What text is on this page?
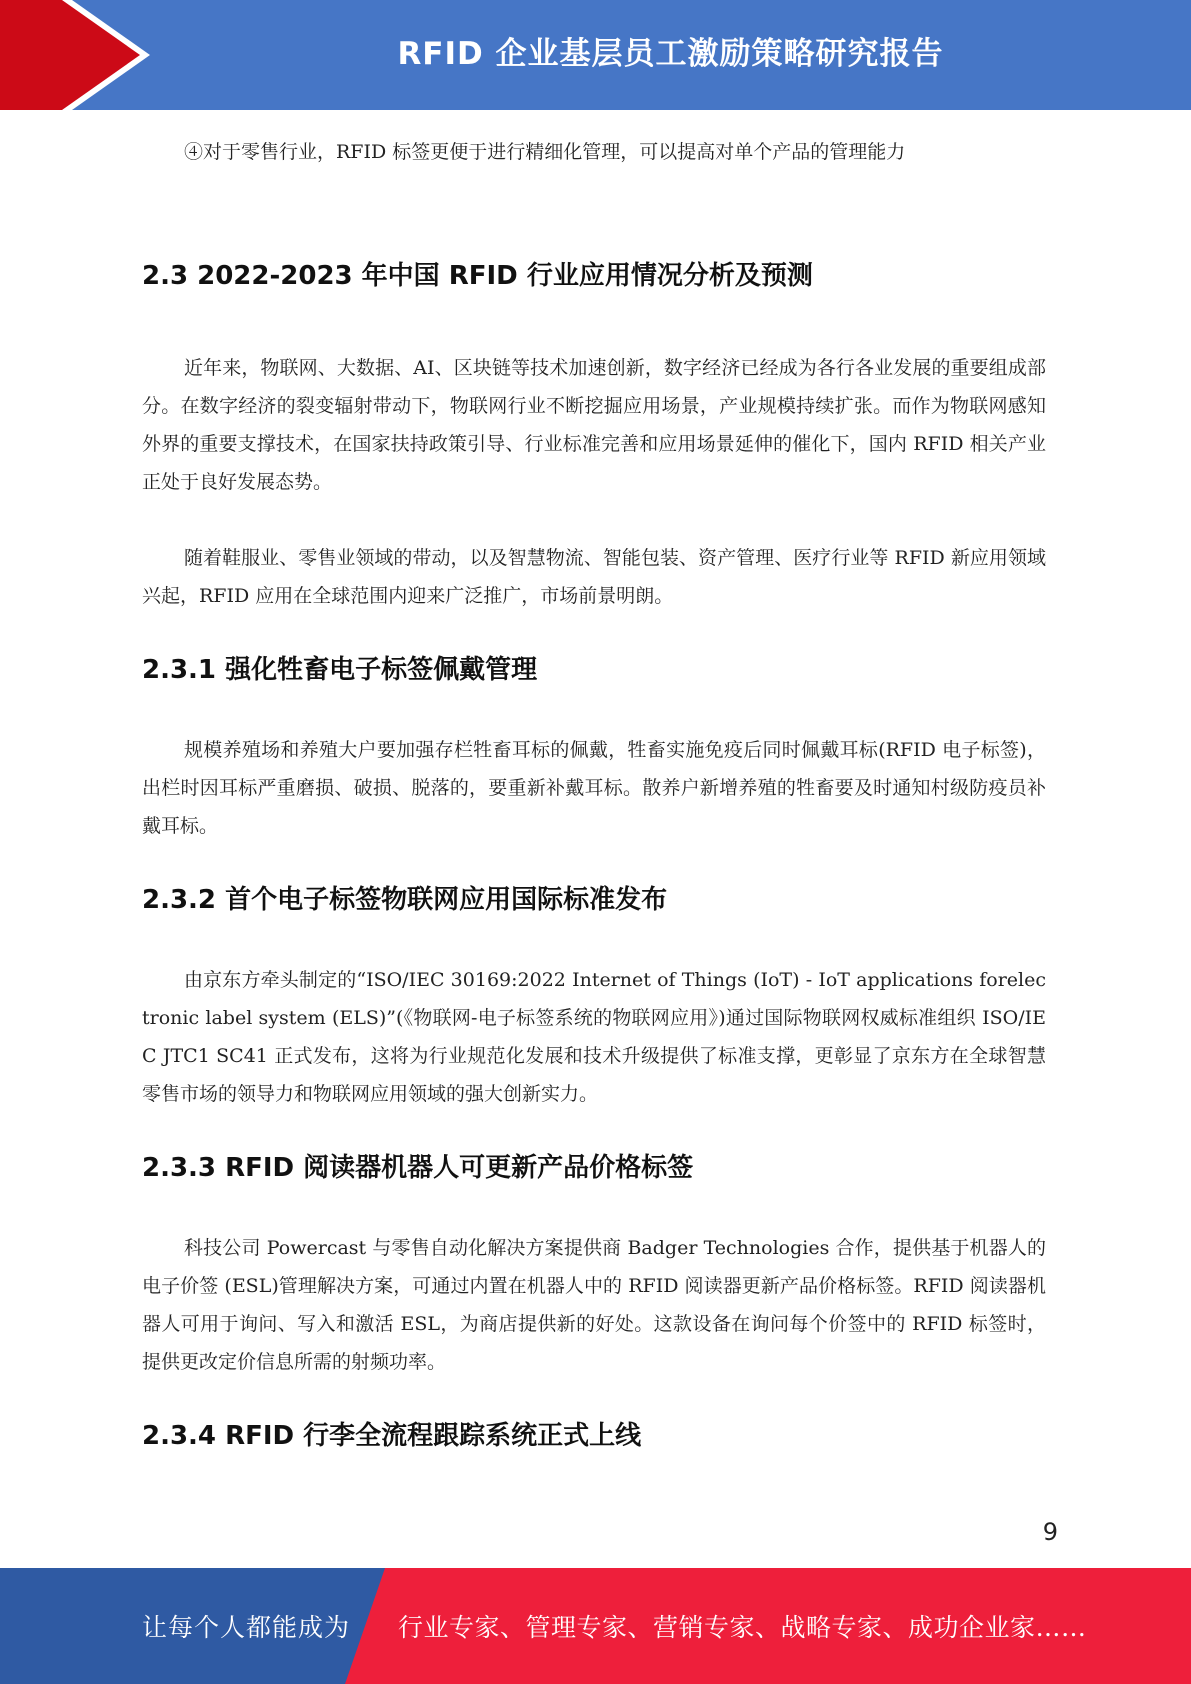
RFID 企业基层员工激励策略研究报告

④对于零售行业，RFID 标签更便于进行精细化管理，可以提高对单个产品的管理能力

2.3 2022-2023 年中国 RFID 行业应用情况分析及预测

近年来，物联网、大数据、AI、区块链等技术加速创新，数字经济已经成为各行各业发展的重要组成部分。在数字经济的裂变辐射带动下，物联网行业不断挖掘应用场景，产业规模持续扩张。而作为物联网感知外界的重要支撑技术，在国家扶持政策引导、行业标准完善和应用场景延伸的催化下，国内 RFID 相关产业正处于良好发展态势。

随着鞋服业、零售业领域的带动，以及智慧物流、智能包装、资产管理、医疗行业等 RFID 新应用领域兴起，RFID 应用在全球范围内迎来广泛推广，市场前景明朗。

2.3.1 强化牲畜电子标签佩戴管理

规模养殖场和养殖大户要加强存栏牲畜耳标的佩戴，牲畜实施免疫后同时佩戴耳标(RFID 电子标签)，出栏时因耳标严重磨损、破损、脱落的，要重新补戴耳标。散养户新增养殖的牲畜要及时通知村级防疫员补戴耳标。

2.3.2 首个电子标签物联网应用国际标准发布

由京东方牵头制定的“ISO/IEC 30169:2022 Internet of Things (IoT) - IoT applications forelectronic label system (ELS)”(《物联网-电子标签系统的物联网应用》)通过国际物联网权威标准组织 ISO/IEC JTC1 SC41 正式发布，这将为行业规范化发展和技术升级提供了标准支撑，更彰显了京东方在全球智慧零售市场的领导力和物联网应用领域的强大创新实力。

2.3.3 RFID 阅读器机器人可更新产品价格标签

科技公司 Powercast 与零售自动化解决方案提供商 Badger Technologies 合作，提供基于机器人的电子价签 (ESL)管理解决方案，可通过内置在机器人中的 RFID 阅读器更新产品价格标签。RFID 阅读器机器人可用于询问、写入和激活 ESL，为商店提供新的好处。这款设备在询问每个价签中的 RFID 标签时，提供更改定价信息所需的射频功率。

2.3.4 RFID 行李全流程跟踪系统正式上线
9
让每个人都能成为 行业专家、管理专家、营销专家、战略专家、成功企业家……
